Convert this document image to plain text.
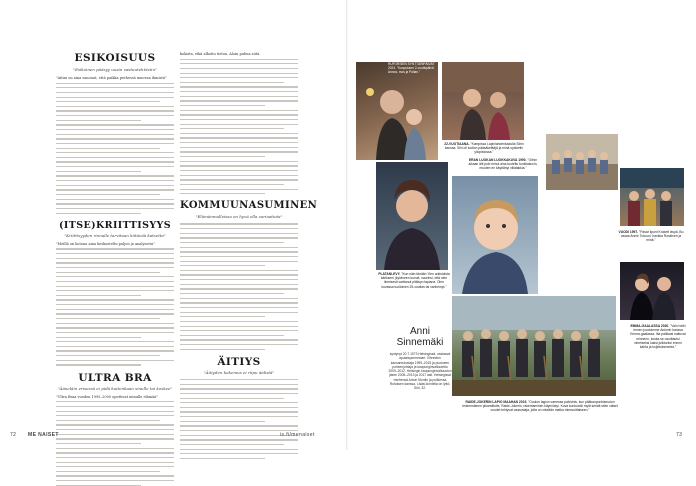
ESIKOISUUS
"Esikoinen pääsyy uusin vastuutehtäviin"
"Aitini on aina sanonut, että paikka perhessä muovaa ihmistä"
(ITSE)KRIITTISYYS
"Kriittisyyden rinnalle tarvitaan kiitävää katsetta"
"Meillä on kotona aina keskusteltu paljon ja analysoitu"
ULTRA BRA
"Ääneläin erisessä ei pidä kuitenkaan sinulle tai koskee"
"Ultra Braa vuoden 1995–2000 opettivat minulle elämää"
kokista, eikä alkoitu tietoa. Aloin puhua siitä.
KOMMUUNASUMINEN
"Elämänmalleissa on hyvä olla variaatiota"
ÄITIYS
"Äitiyden kokemus ei riipu äidistä"
72 ME NAISET	is.fi/menaiset
RUFORSIEN SYNTTÄRIPÄIVÄT 2024. "Kuopuksen 2-vuotispäivä. Annos, mos ja Pollan."
22-VUOTIAANA. "Kampissa Lapinlahdenkadulla Siirin kanssa. Siiri oli tuollon pääsäkeittäjä ja minä opiskelin yliopistossa."
ERAN LUOKAN LUOKKAKUVA 1990. "Olinin aikaan äiti puki minut aina tuoteltu tunkkakuvin, muuten en käyttänyt villatakkia."
PLATANLEVY. "Kun näin tänään Ylen arkistoista kärikseni (kylvineen kunuit, naurinsi, että olen ilmeisesti varttanut pitäisyn tapiana. Olen kuvassa tuolloinen 25-vuotias tai vanhempi."
Anni Sinnemäki
syntynyt 20.7.1973 Helsingissä. vastaava apulaispormestari. Vihreiden kansanedustaja 1999–2015 ja puolueen puheenjohtaja ja kaupunginvaltuutettu 2009–2012. Helsingin kaupunginvaltuuston jäsen 2005–2013 ja 2017 asti. Helsingissä miehensä Anton Montin ja poikiensa Rufuksen kanssa. Lisäsi Anniella on lyttö, Siiri, 32.
VUODI 1997. "Pasar lipunt Krokett lavyä, Bu vasaa Annie Tutuuni, hankka Roskinen ja minä."
EMMA-GAALASSA 2020. "Vain hetki ennen jouduimme Antonin kanssa Emma-gaalassa. Ilta palkkasi naituvat minnenn, koska se osoittautui vimeiseksi kaksi julkiseksi ennen kahta ja kuljetuksimmia."
RAIDE-JOKERIN LAPIO MAAHAN 2019. "Ouolon lagion varressa palvidnis, kun pääkaupunkiseudun ensimmäinen pikaraitiotie, Raide-Jokerin, rakentaminen käynnistyi. Kuva kunkutolli mylä senäit siten väiset vuodet tehtyvat vaarustaja, jolta on viedään matka miesvoittaiseen."
73
